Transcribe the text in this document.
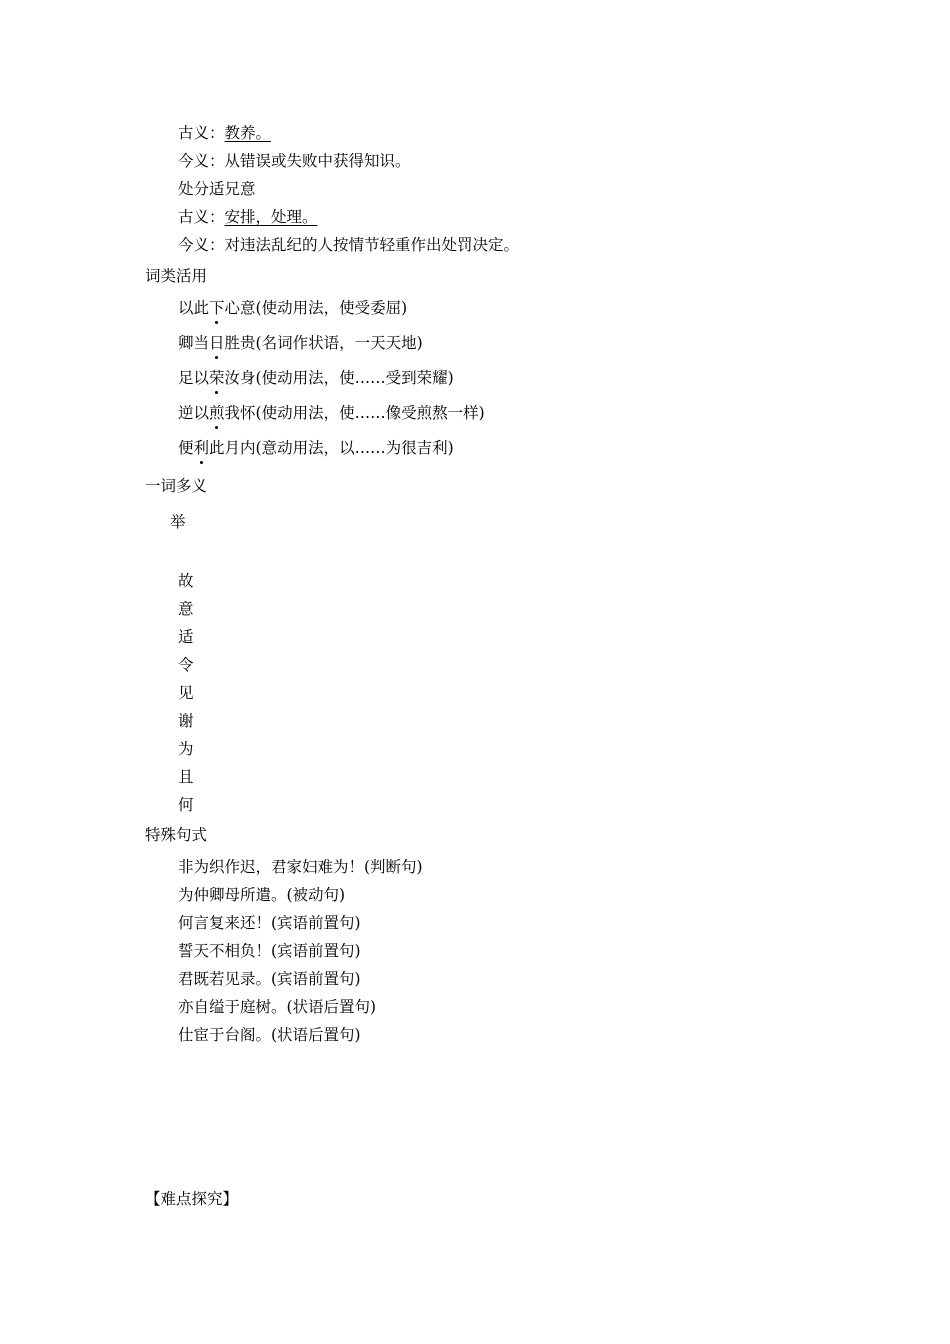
古义：教养。
今义：从错误或失败中获得知识。
处分适兄意
古义：安排，处理。
今义：对违法乱纪的人按情节轻重作出处罚决定。
词类活用
以此下心意(使动用法，使受委屈)
卿当日胜贵(名词作状语，一天天地)
足以荣汝身(使动用法，使……受到荣耀)
逆以煎我怀(使动用法，使……像受煎熬一样)
便利此月内(意动用法，以……为很吉利)
一词多义
举
故
意
适
令
见
谢
为
且
何
特殊句式
非为织作迟，君家妇难为！(判断句)
为仲卿母所遣。(被动句)
何言复来还！(宾语前置句)
誓天不相负！(宾语前置句)
君既若见录。(宾语前置句)
亦自缢于庭树。(状语后置句)
仕宦于台阁。(状语后置句)
【难点探究】
